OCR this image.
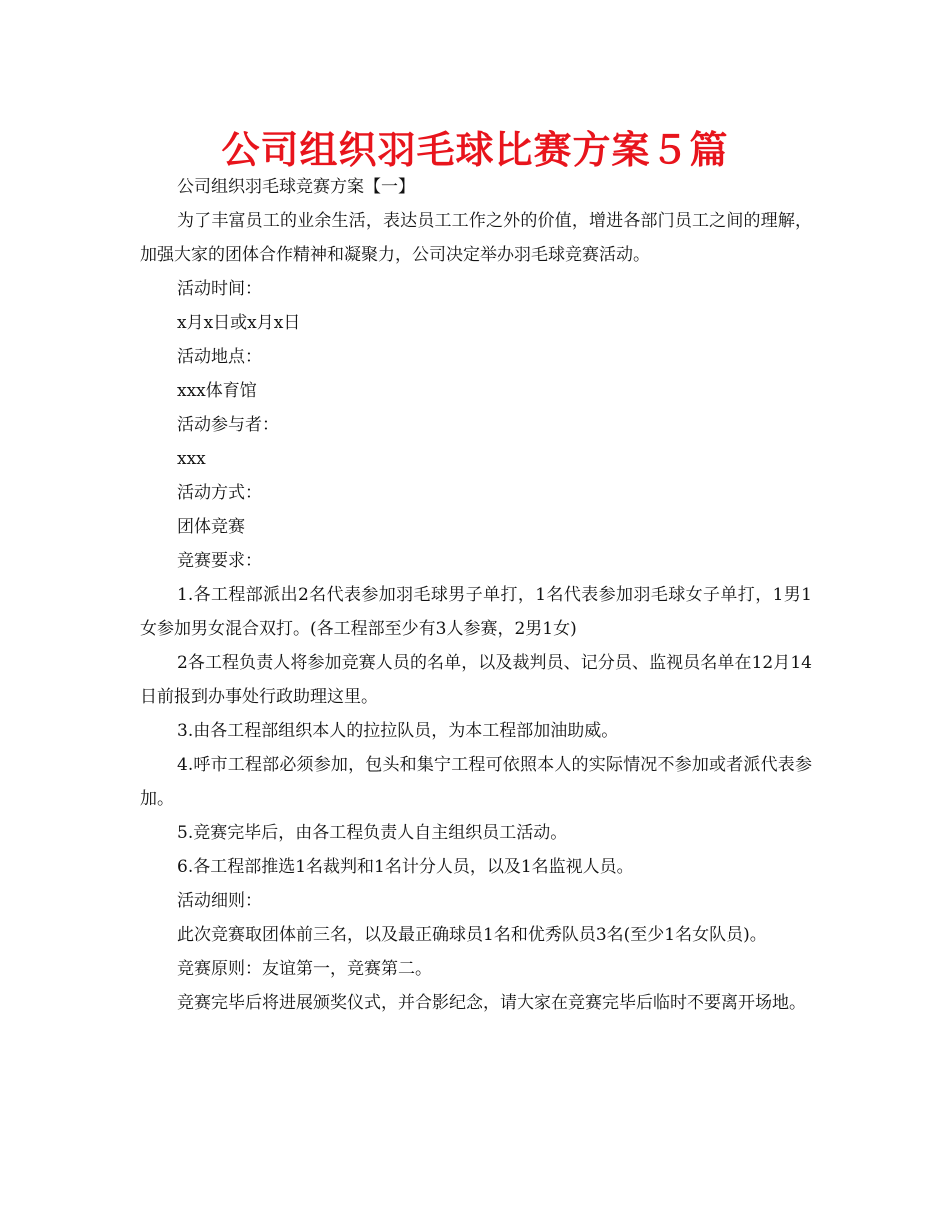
公司组织羽毛球比赛方案５篇

公司组织羽毛球竞赛方案【一】

为了丰富员工的业余生活，表达员工工作之外的价值，增进各部门员工之间的理解，加强大家的团体合作精神和凝聚力，公司决定举办羽毛球竞赛活动。

活动时间：

x月x日或x月x日

活动地点：

xxx体育馆

活动参与者：

xxx

活动方式：

团体竞赛

竞赛要求：

1.各工程部派出2名代表参加羽毛球男子单打，1名代表参加羽毛球女子单打，1男1女参加男女混合双打。(各工程部至少有3人参赛，2男1女)

2各工程负责人将参加竞赛人员的名单，以及裁判员、记分员、监视员名单在12月14日前报到办事处行政助理这里。

3.由各工程部组织本人的拉拉队员，为本工程部加油助威。

4.呼市工程部必须参加，包头和集宁工程可依照本人的实际情况不参加或者派代表参加。

5.竞赛完毕后，由各工程负责人自主组织员工活动。

6.各工程部推选1名裁判和1名计分人员，以及1名监视人员。

活动细则：

此次竞赛取团体前三名，以及最正确球员1名和优秀队员3名(至少1名女队员)。

竞赛原则：友谊第一，竞赛第二。

竞赛完毕后将进展颁奖仪式，并合影纪念，请大家在竞赛完毕后临时不要离开场地。
